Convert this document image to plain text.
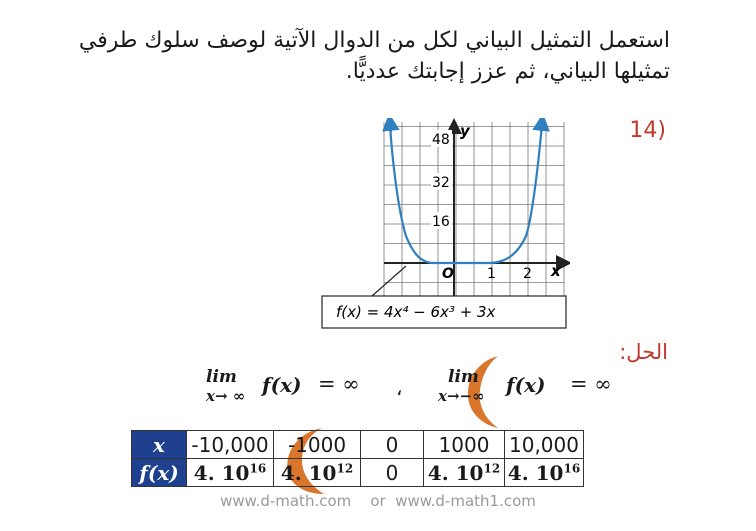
استعمل التمثيل البياني لكل من الدوال الآتية لوصف سلوك طرفي
تمثيلها البياني، ثم عزز إجابتك عدديًّا.
14)
y
x
48
32
16
O 1 2
f(x) = 4x⁴ − 6x³ + 3x
الحل:
lim
x→ ∞ f(x) = ∞ ،	lim
x→−∞ f(x) = ∞
x	-10,000	-1000	0	1000	10,000
f(x)	4. $10^{16}$	4. $10^{12}$	0	4. $10^{12}$	4. $10^{16}$
www.d-math.com    or  www.d-math1.com
